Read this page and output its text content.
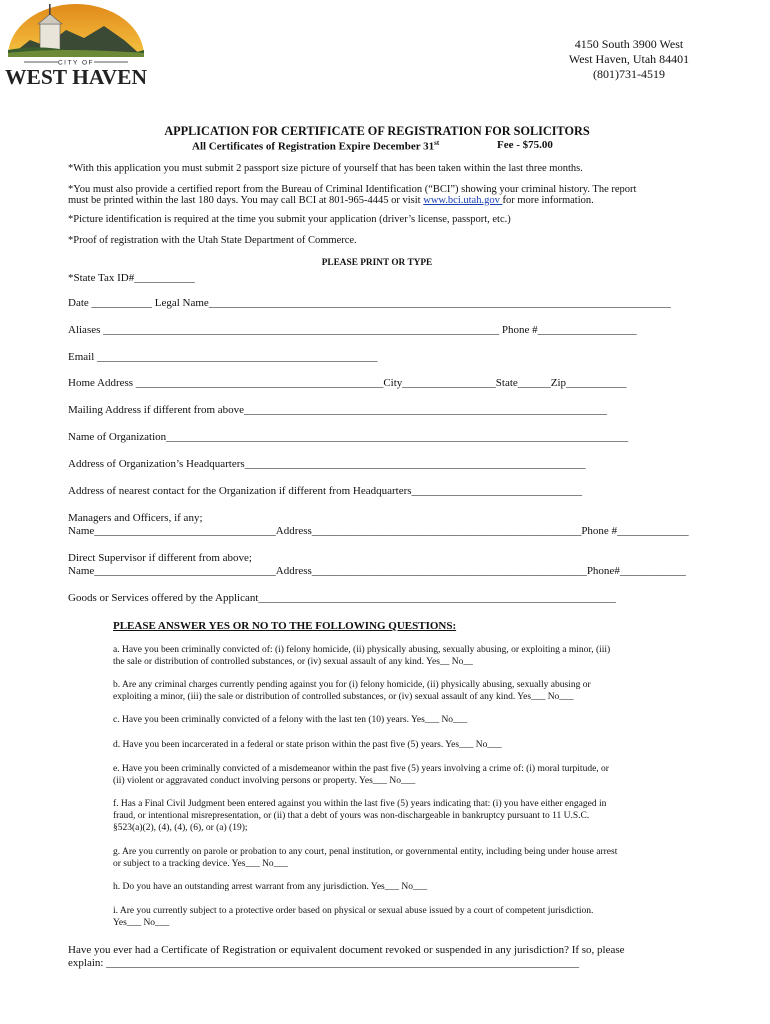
CITY OF
WEST HAVEN
4150 South 3900 West
West Haven, Utah 84401
(801)731-4519
APPLICATION FOR CERTIFICATE OF REGISTRATION FOR SOLICITORS
All Certificates of Registration Expire December 31st	Fee - $75.00
*With this application you must submit 2 passport size picture of yourself that has been taken within the last three months.
*You must also provide a certified report from the Bureau of Criminal Identification (“BCI”) showing your criminal history. The report
must be printed within the last 180 days. You may call BCI at 801-965-4445 or visit www.bci.utah.gov for more information.
*Picture identification is required at the time you submit your application (driver’s license, passport, etc.)
*Proof of registration with the Utah State Department of Commerce.
PLEASE PRINT OR TYPE
*State Tax ID#___________
Date ___________ Legal Name____________________________________________________________________________________
Aliases ________________________________________________________________________ Phone #__________________
Email ___________________________________________________
Home Address _____________________________________________City_________________State______Zip___________
Mailing Address if different from above__________________________________________________________________
Name of Organization____________________________________________________________________________________
Address of Organization’s Headquarters______________________________________________________________
Address of nearest contact for the Organization if different from Headquarters_______________________________
Managers and Officers, if any;
Name_________________________________Address_________________________________________________Phone #_____________
Direct Supervisor if different from above;
Name_________________________________Address__________________________________________________Phone#____________
Goods or Services offered by the Applicant_________________________________________________________________
PLEASE ANSWER YES OR NO TO THE FOLLOWING QUESTIONS:
a. Have you been criminally convicted of: (i) felony homicide, (ii) physically abusing, sexually abusing, or exploiting a minor, (iii)
the sale or distribution of controlled substances, or (iv) sexual assault of any kind. Yes__ No__
b. Are any criminal charges currently pending against you for (i) felony homicide, (ii) physically abusing, sexually abusing or
exploiting a minor, (iii) the sale or distribution of controlled substances, or (iv) sexual assault of any kind. Yes___ No___
c. Have you been criminally convicted of a felony with the last ten (10) years. Yes___ No___
d. Have you been incarcerated in a federal or state prison within the past five (5) years. Yes___ No___
e. Have you been criminally convicted of a misdemeanor within the past five (5) years involving a crime of: (i) moral turpitude, or
(ii) violent or aggravated conduct involving persons or property. Yes___ No___
f. Has a Final Civil Judgment been entered against you within the last five (5) years indicating that: (i) you have either engaged in
fraud, or intentional misrepresentation, or (ii) that a debt of yours was non-dischargeable in bankruptcy pursuant to 11 U.S.C.
§523(a)(2), (4), (4), (6), or (a) (19);
g. Are you currently on parole or probation to any court, penal institution, or governmental entity, including being under house arrest
or subject to a tracking device. Yes___ No___
h. Do you have an outstanding arrest warrant from any jurisdiction. Yes___ No___
i. Are you currently subject to a protective order based on physical or sexual abuse issued by a court of competent jurisdiction.
Yes___ No___
Have you ever had a Certificate of Registration or equivalent document revoked or suspended in any jurisdiction? If so, please
explain: ______________________________________________________________________________________
